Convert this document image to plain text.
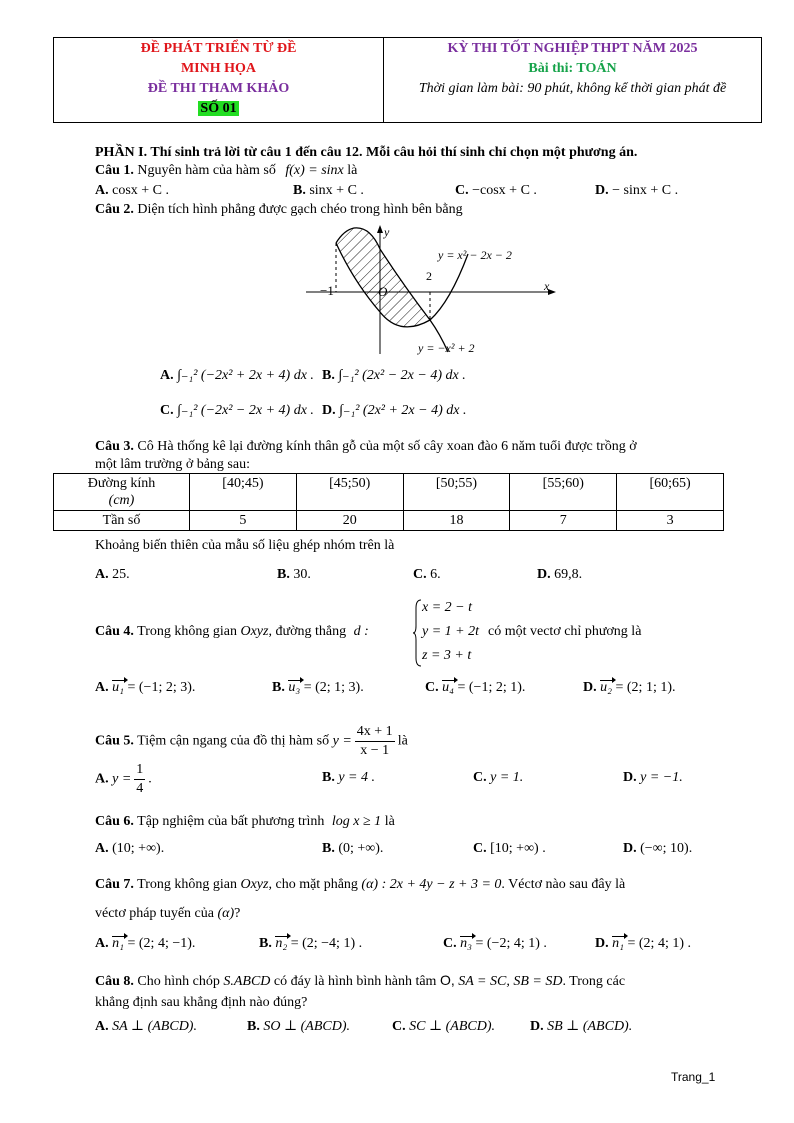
ĐỀ PHÁT TRIỂN TỪ ĐỀ
MINH HỌA
ĐỀ THI THAM KHẢO
SỐ 01

KỲ THI TỐT NGHIỆP THPT NĂM 2025
Bài thi: TOÁN
Thời gian làm bài: 90 phút, không kể thời gian phát đề
PHẦN I. Thí sinh trả lời từ câu 1 đến câu 12. Mỗi câu hỏi thí sinh chỉ chọn một phương án.
Câu 1. Nguyên hàm của hàm số f(x) = sinx là
A. cosx + C .	B. sinx + C .	C. −cosx + C .	D. − sinx + C .
Câu 2. Diện tích hình phẳng được gạch chéo trong hình bên bằng
y
x
O
−1
2
y = x² − 2x − 2
y = −x² + 2
A. ∫₋₁² (−2x² + 2x + 4) dx . B. ∫₋₁² (2x² − 2x − 4) dx .
C. ∫₋₁² (−2x² − 2x + 4) dx . D. ∫₋₁² (2x² + 2x − 4) dx .
Câu 3. Cô Hà thống kê lại đường kính thân gỗ của một số cây xoan đào 6 năm tuổi được trồng ở
một lâm trường ở bảng sau:
Đường kính
(cm)	[40;45)	[45;50)	[50;55)	[55;60)	[60;65)
Tần số	5	20	18	7	3
Khoảng biến thiên của mẫu số liệu ghép nhóm trên là
A. 25.	B. 30.	C. 6.	D. 69,8.
Câu 4. Trong không gian Oxyz, đường thẳng d :
x = 2 − t
y = 1 + 2t
z = 3 + t
có một vectơ chỉ phương là
A. u₁ = (−1; 2; 3).	B. u₃ = (2; 1; 3).	C. u₄ = (−1; 2; 1).	D. u₂ = (2; 1; 1).
Câu 5. Tiệm cận ngang của đồ thị hàm số $y = \frac{4x + 1}{x - 1}$ là
A. $y = \frac{1}{4}$ .	B. y = 4 .	C. y = 1.	D. y = −1.
Câu 6. Tập nghiệm của bất phương trình log x ≥ 1 là
A. (10; +∞).	B. (0; +∞).	C. [10; +∞) .	D. (−∞; 10).
Câu 7. Trong không gian Oxyz, cho mặt phẳng (α) : 2x + 4y − z + 3 = 0. Véctơ nào sau đây là
véctơ pháp tuyến của (α)?
A. n₁ = (2; 4; −1).	B. n₂ = (2; −4; 1) .	C. n₃ = (−2; 4; 1) .	D. n₁ = (2; 4; 1) .
Câu 8. Cho hình chóp S.ABCD có đáy là hình bình hành tâm O, SA = SC, SB = SD. Trong các
khẳng định sau khẳng định nào đúng?
A. SA ⊥ (ABCD).	B. SO ⊥ (ABCD).	C. SC ⊥ (ABCD). D. SB ⊥ (ABCD).
Trang_1
